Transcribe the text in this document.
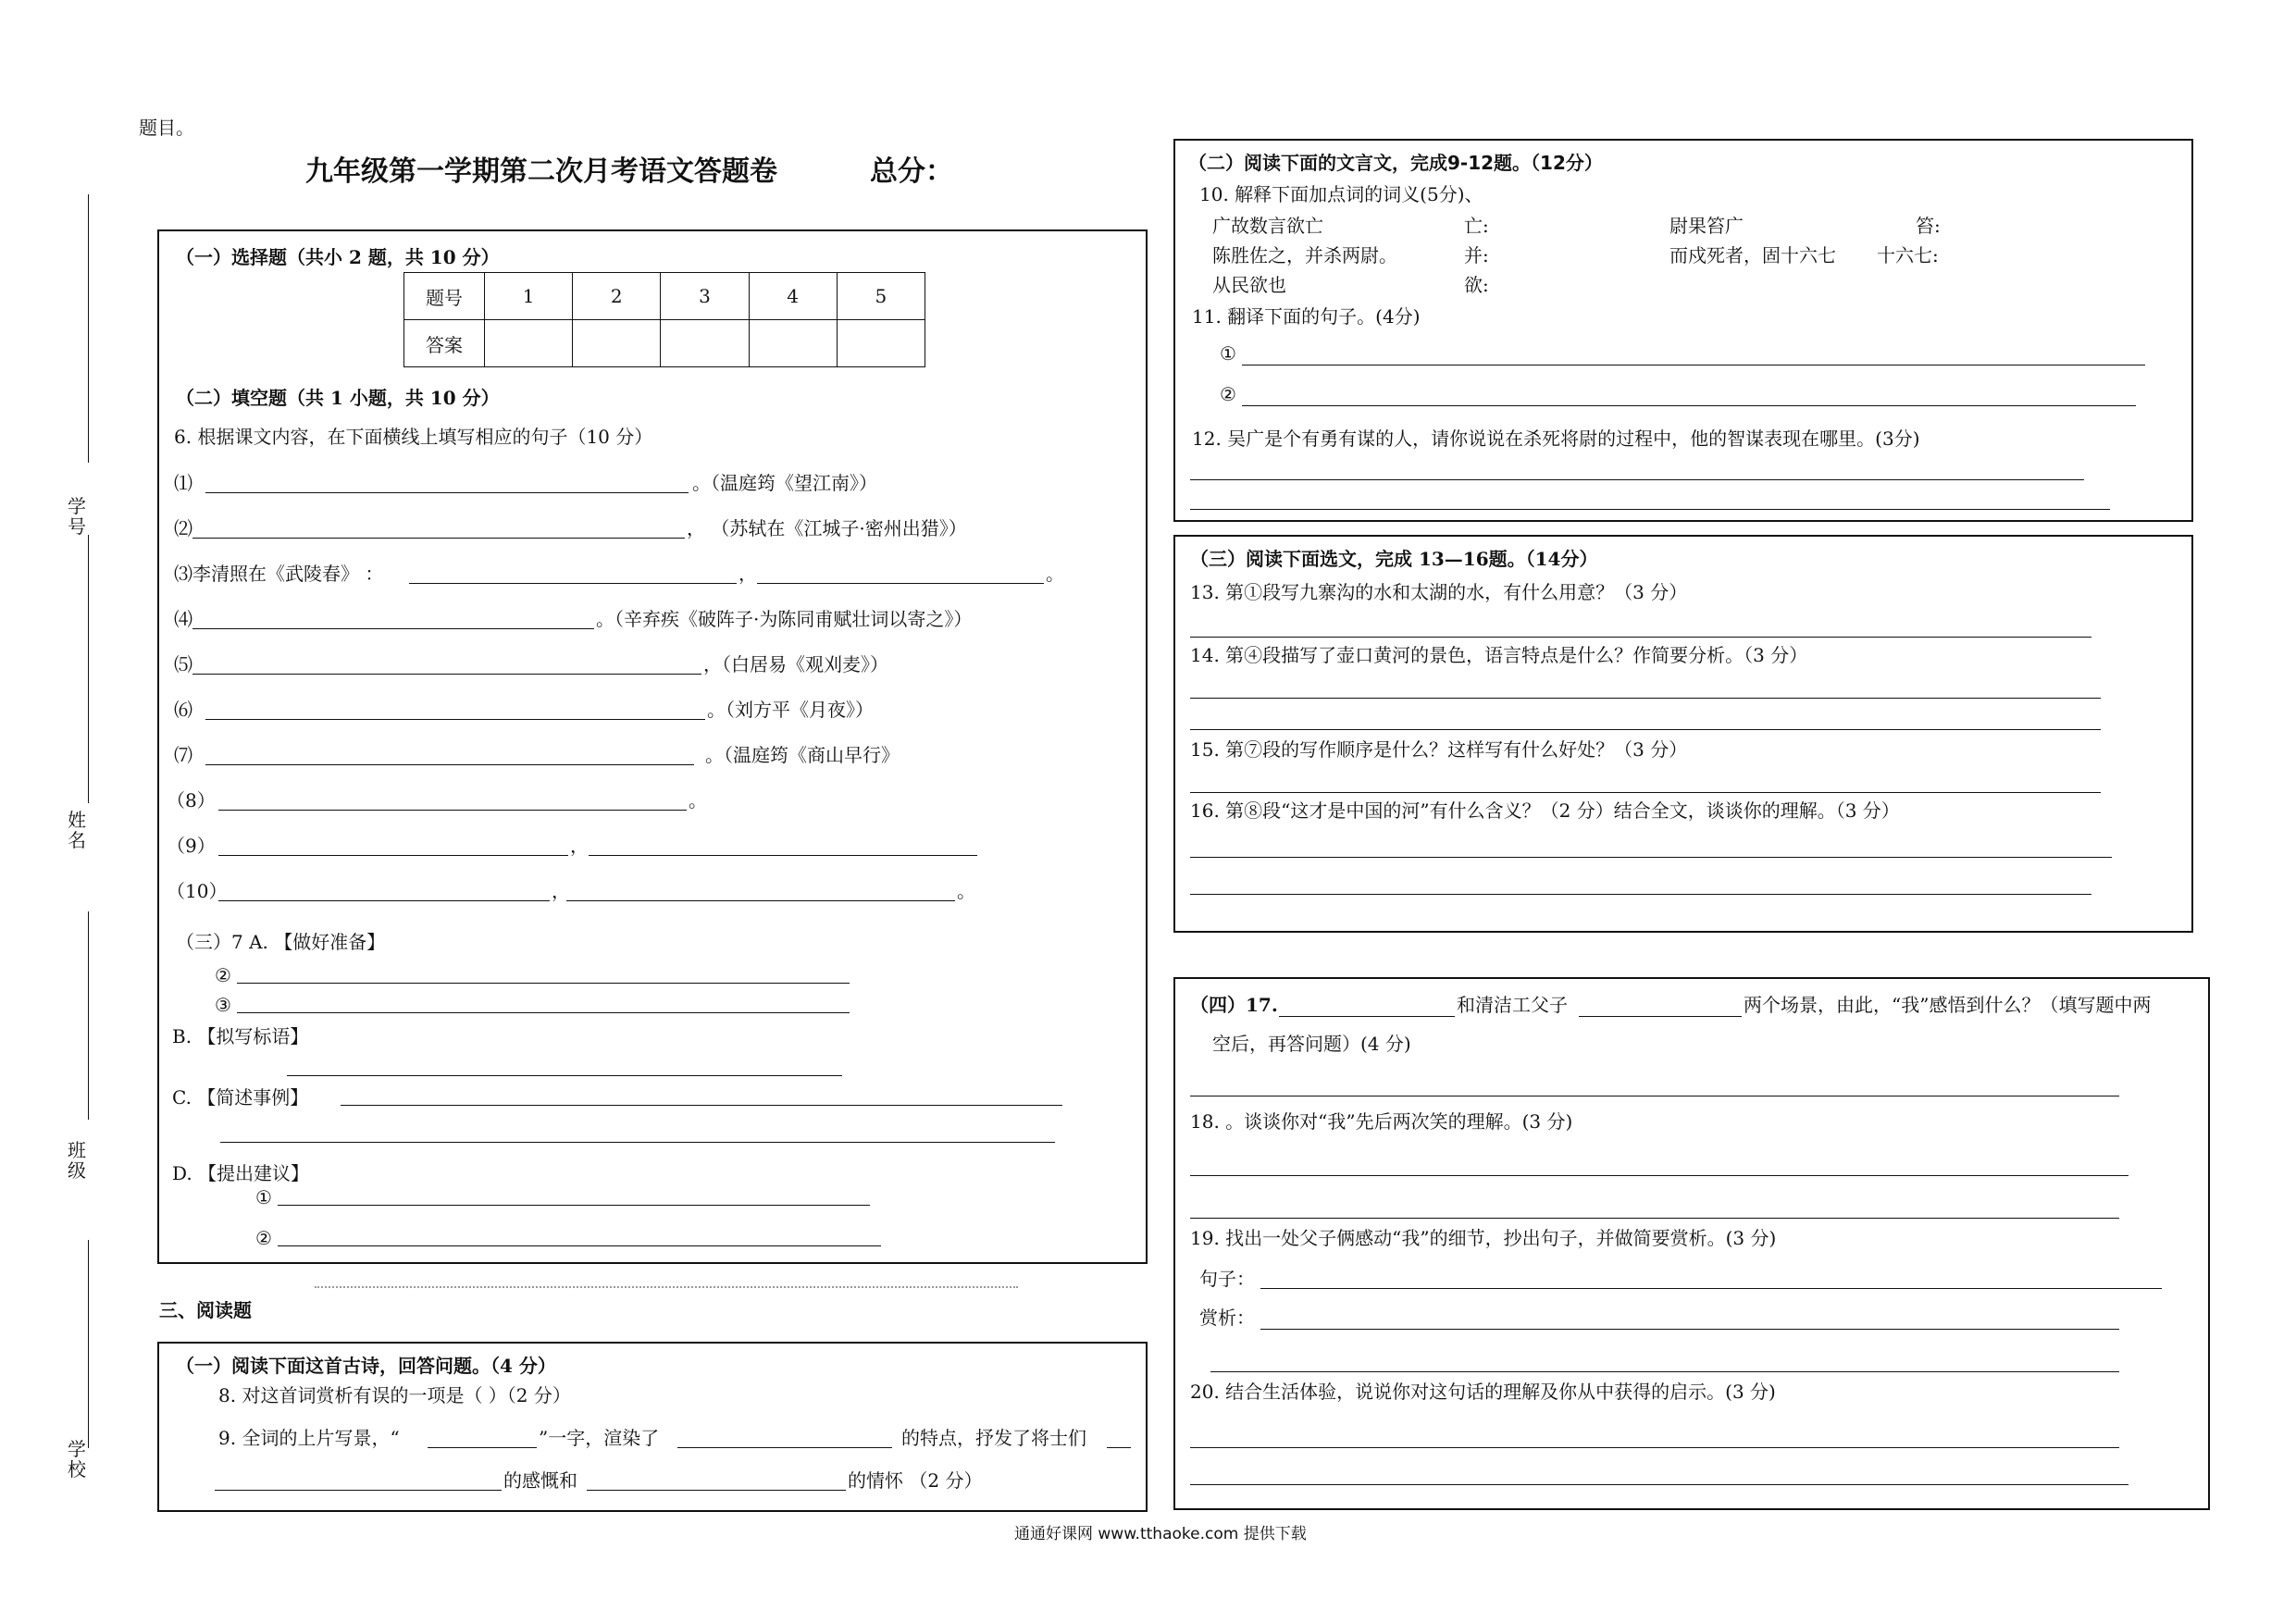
题目。
九年级第一学期第二次月考语文答题卷	总分：
学号
姓名
班级
学校
（一）选择题（共小 2 题，共 10 分）
题号	1	2	3	4	5
答案					
（二）填空题（共 1 小题，共 10 分）
6. 根据课文内容，在下面横线上填写相应的句子（10 分）
⑴	。（温庭筠《望江南》）
⑵	， （苏轼在《江城子·密州出猎》）
⑶李清照在《武陵春》 ：	，	。
⑷	。（辛弃疾《破阵子·为陈同甫赋壮词以寄之》）
⑸	，（白居易《观刈麦》）
⑹	。（刘方平《月夜》）
⑺	。（温庭筠《商山早行》
（8）	。
（9）	，
（10）	，	。
（三）7 A. 【做好准备】
②
③
B. 【拟写标语】
C. 【简述事例】
D. 【提出建议】
①
②
三、阅读题
（一）阅读下面这首古诗，回答问题。（4 分）
8. 对这首词赏析有误的一项是（ ）（2 分）
9. 全词的上片写景，“	”一字，渲染了	的特点，抒发了将士们
的感慨和	的情怀 （2 分）
（二）阅读下面的文言文，完成9-12题。（12分）
10. 解释下面加点词的词义(5分)、
广故数言欲亡	亡:	尉果笞广	笞:
陈胜佐之，并杀两尉。	并:	而戍死者，固十六七 十六七:
从民欲也	欲:
11. 翻译下面的句子。(4分)
①
②
12. 吴广是个有勇有谋的人，请你说说在杀死将尉的过程中，他的智谋表现在哪里。(3分)
（三）阅读下面选文，完成 13—16题。（14分）
13. 第①段写九寨沟的水和太湖的水，有什么用意？（3 分）
14. 第④段描写了壶口黄河的景色，语言特点是什么？作简要分析。（3 分）
15. 第⑦段的写作顺序是什么？这样写有什么好处？（3 分）
16. 第⑧段“这才是中国的河”有什么含义？（2 分）结合全文，谈谈你的理解。（3 分）
（四）17.	和清洁工父子	两个场景，由此，“我”感悟到什么？（填写题中两
空后，再答问题）(4 分)
18. 。谈谈你对“我”先后两次笑的理解。(3 分)
19. 找出一处父子俩感动“我”的细节，抄出句子，并做简要赏析。(3 分)
句子：
赏析：
20. 结合生活体验，说说你对这句话的理解及你从中获得的启示。(3 分)
通通好课网 www.tthaoke.com 提供下载
